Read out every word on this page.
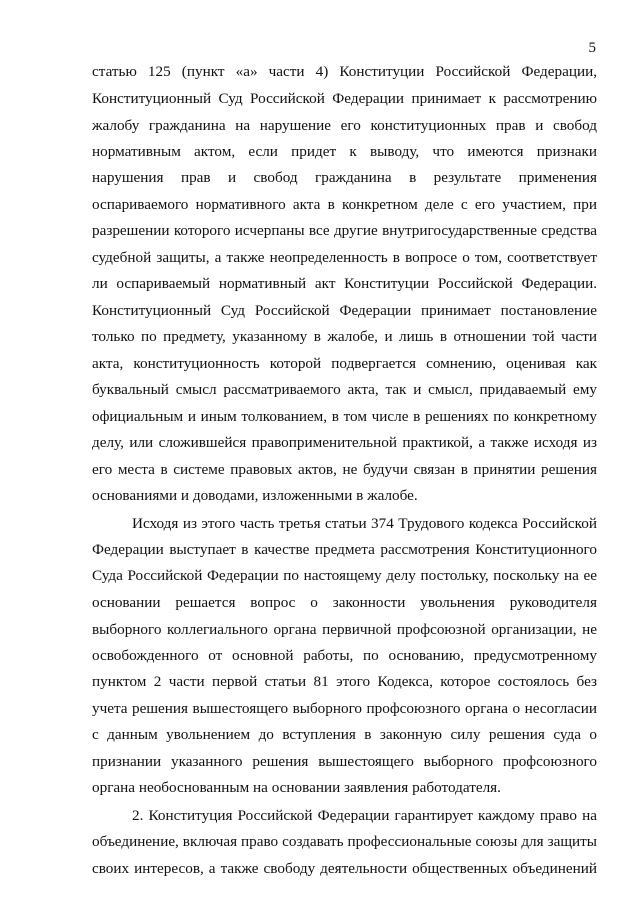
5
статью 125 (пункт «а» части 4) Конституции Российской Федерации,
Конституционный Суд Российской Федерации принимает к рассмотрению
жалобу гражданина на нарушение его конституционных прав и свобод
нормативным актом, если придет к выводу, что имеются признаки
нарушения прав и свобод гражданина в результате применения
оспариваемого нормативного акта в конкретном деле с его участием, при
разрешении которого исчерпаны все другие внутригосударственные средства
судебной защиты, а также неопределенность в вопросе о том, соответствует
ли оспариваемый нормативный акт Конституции Российской Федерации.
Конституционный Суд Российской Федерации принимает постановление
только по предмету, указанному в жалобе, и лишь в отношении той части
акта, конституционность которой подвергается сомнению, оценивая как
буквальный смысл рассматриваемого акта, так и смысл, придаваемый ему
официальным и иным толкованием, в том числе в решениях по конкретному
делу, или сложившейся правоприменительной практикой, а также исходя из
его места в системе правовых актов, не будучи связан в принятии решения
основаниями и доводами, изложенными в жалобе.
Исходя из этого часть третья статьи 374 Трудового кодекса Российской
Федерации выступает в качестве предмета рассмотрения Конституционного
Суда Российской Федерации по настоящему делу постольку, поскольку на ее
основании решается вопрос о законности увольнения руководителя
выборного коллегиального органа первичной профсоюзной организации, не
освобожденного от основной работы, по основанию, предусмотренному
пунктом 2 части первой статьи 81 этого Кодекса, которое состоялось без
учета решения вышестоящего выборного профсоюзного органа о несогласии
с данным увольнением до вступления в законную силу решения суда о
признании указанного решения вышестоящего выборного профсоюзного
органа необоснованным на основании заявления работодателя.
2. Конституция Российской Федерации гарантирует каждому право на
объединение, включая право создавать профессиональные союзы для защиты
своих интересов, а также свободу деятельности общественных объединений
